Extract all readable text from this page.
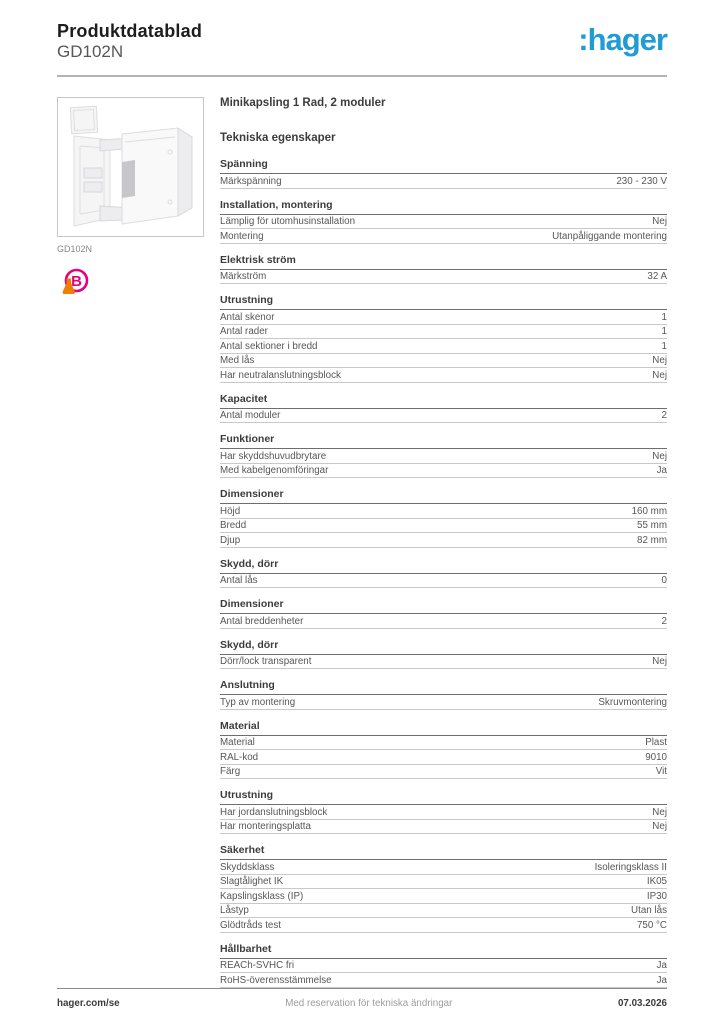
Produktdatablad
GD102N	:hager
GD102N
B
Minikapsling 1 Rad, 2 moduler
Tekniska egenskaper
Spänning
Märkspänning	230 - 230 V
Installation, montering
Lämplig för utomhusinstallation	Nej
Montering	Utanpåliggande montering
Elektrisk ström
Märkström	32 A
Utrustning
Antal skenor	1
Antal rader	1
Antal sektioner i bredd	1
Med lås	Nej
Har neutralanslutningsblock	Nej
Kapacitet
Antal moduler	2
Funktioner
Har skyddshuvudbrytare	Nej
Med kabelgenomföringar	Ja
Dimensioner
Höjd	160 mm
Bredd	55 mm
Djup	82 mm
Skydd, dörr
Antal lås	0
Dimensioner
Antal breddenheter	2
Skydd, dörr
Dörr/lock transparent	Nej
Anslutning
Typ av montering	Skruvmontering
Material
Material	Plast
RAL-kod	9010
Färg	Vit
Utrustning
Har jordanslutningsblock	Nej
Har monteringsplatta	Nej
Säkerhet
Skyddsklass	Isoleringsklass II
Slagtålighet IK	IK05
Kapslingsklass (IP)	IP30
Låstyp	Utan lås
Glödtråds test	750 °C
Hållbarhet
REACh-SVHC fri	Ja
RoHS-överensstämmelse	Ja
hager.com/se	Med reservation för tekniska ändringar	07.03.2026
